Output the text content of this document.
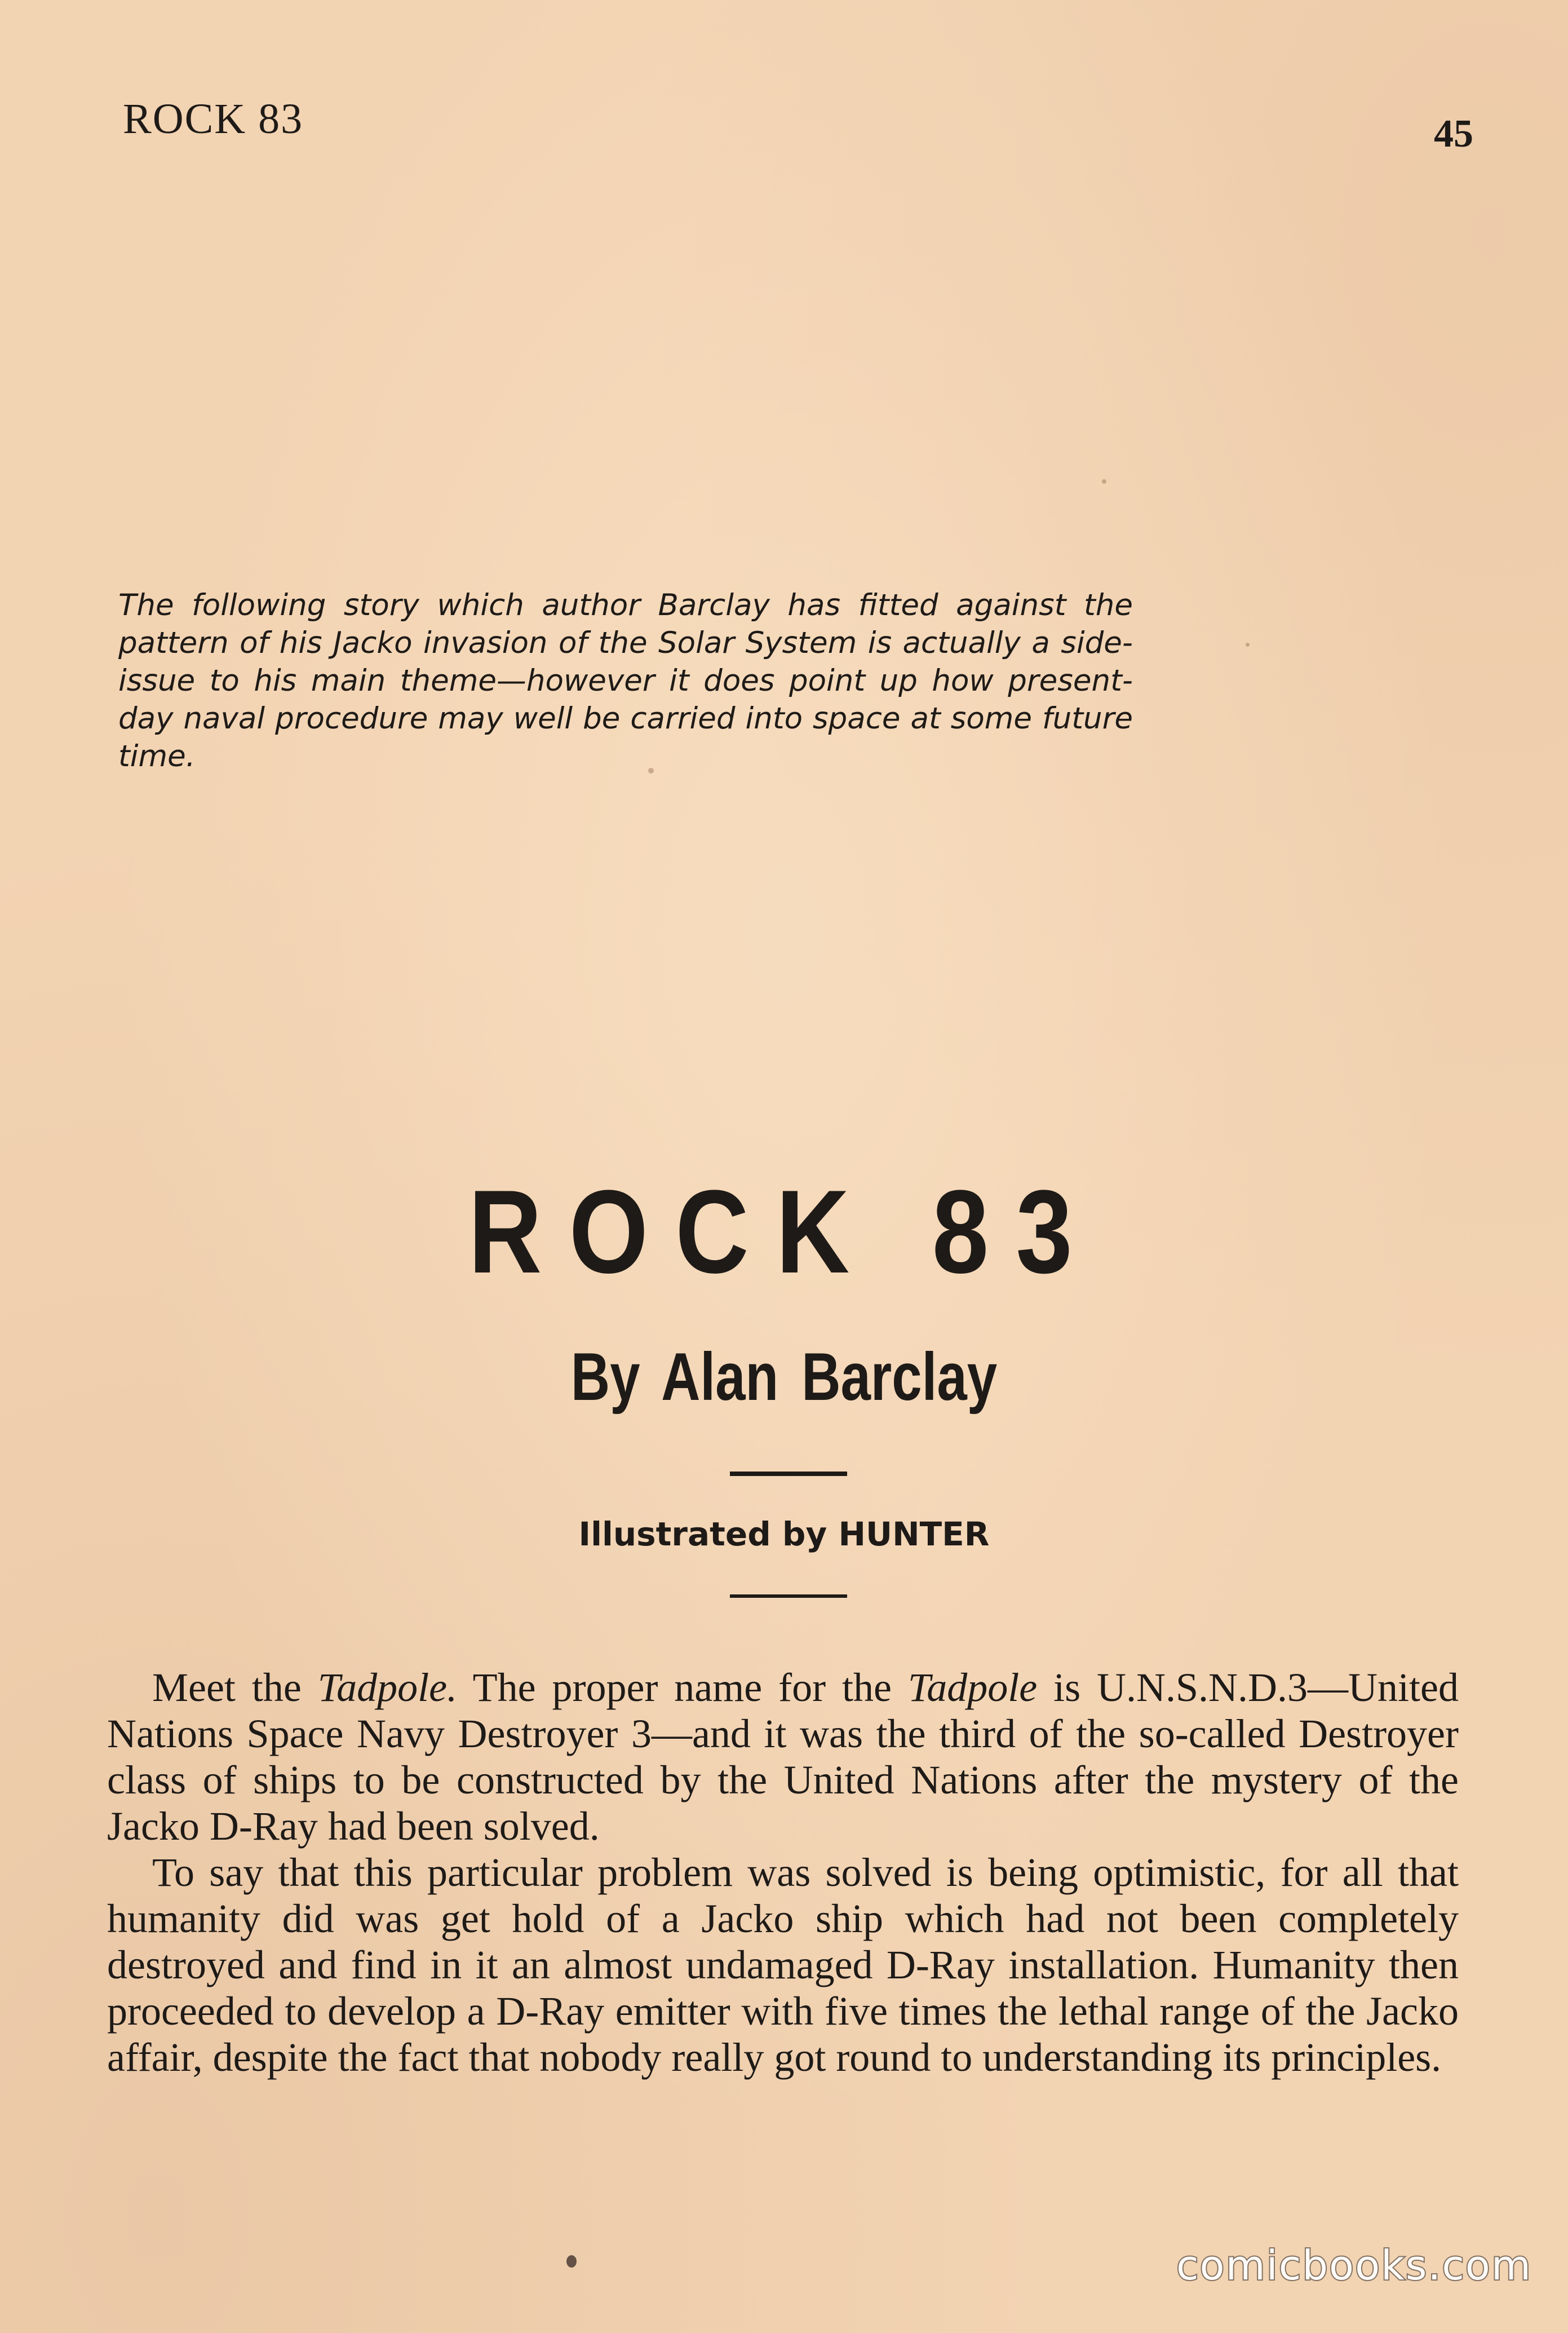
ROCK 83	45

The following story which author Barclay has fitted against the pattern of his Jacko invasion of the Solar System is actually a side-issue to his main theme—however it does point up how present-day naval procedure may well be carried into space at some future time.

ROCK 83
By Alan Barclay
Illustrated by HUNTER

Meet the Tadpole. The proper name for the Tadpole is U.N.S.N.D.3—United Nations Space Navy Destroyer 3—and it was the third of the so-called Destroyer class of ships to be constructed by the United Nations after the mystery of the Jacko D-Ray had been solved.

To say that this particular problem was solved is being optimistic, for all that humanity did was get hold of a Jacko ship which had not been completely destroyed and find in it an almost undamaged D-Ray installation. Humanity then proceeded to develop a D-Ray emitter with five times the lethal range of the Jacko affair, despite the fact that nobody really got round to understanding its principles.

comicbooks.com
